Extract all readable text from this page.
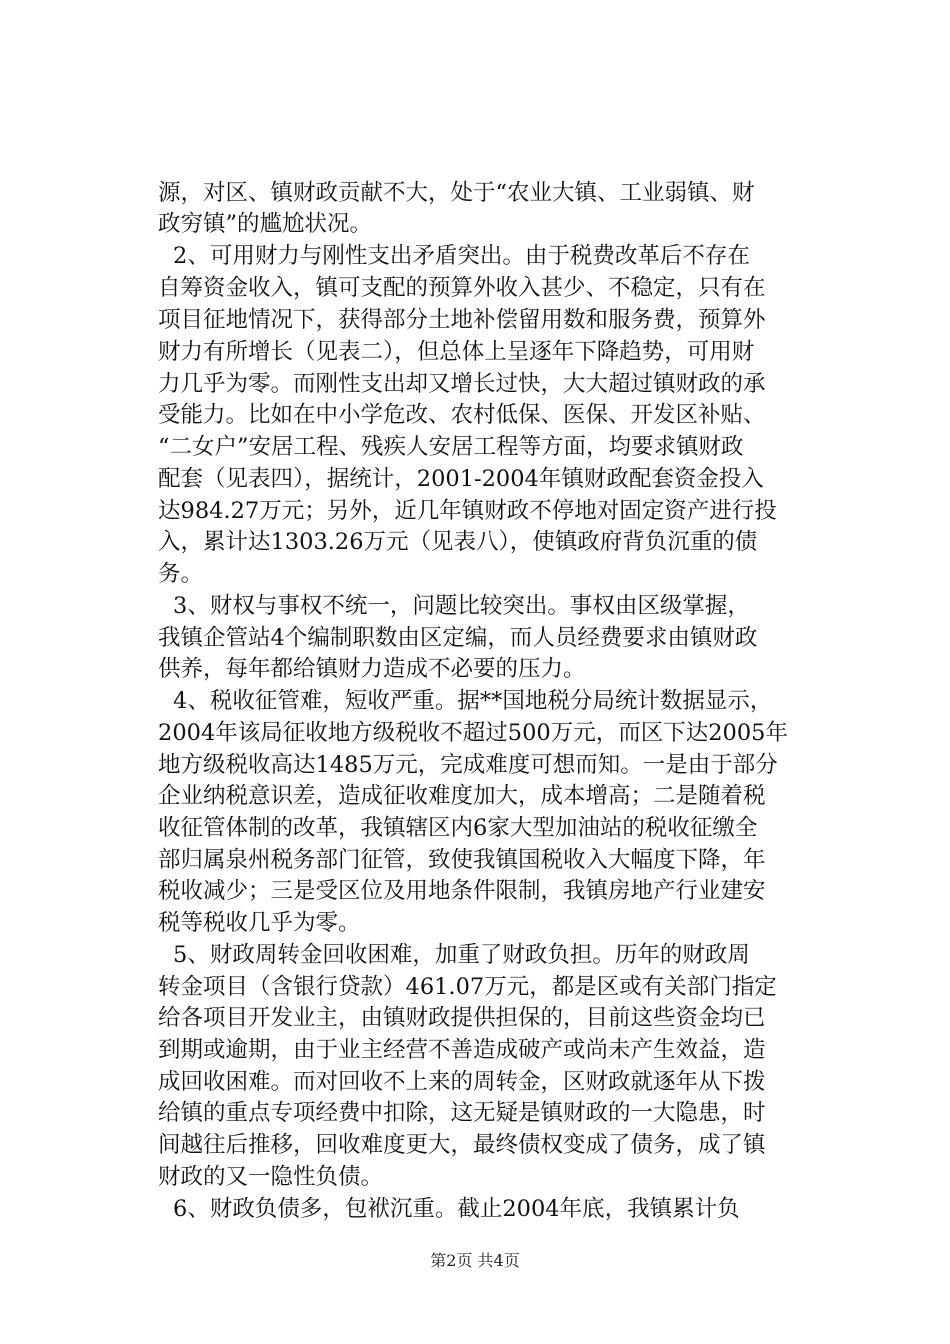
源，对区、镇财政贡献不大，处于“农业大镇、工业弱镇、财
政穷镇”的尴尬状况。
2、可用财力与刚性支出矛盾突出。由于税费改革后不存在
自筹资金收入，镇可支配的预算外收入甚少、不稳定，只有在
项目征地情况下，获得部分土地补偿留用数和服务费，预算外
财力有所增长（见表二），但总体上呈逐年下降趋势，可用财
力几乎为零。而刚性支出却又增长过快，大大超过镇财政的承
受能力。比如在中小学危改、农村低保、医保、开发区补贴、
“二女户”安居工程、残疾人安居工程等方面，均要求镇财政
配套（见表四），据统计，2001-2004年镇财政配套资金投入
达984.27万元；另外，近几年镇财政不停地对固定资产进行投
入，累计达1303.26万元（见表八），使镇政府背负沉重的债
务。
3、财权与事权不统一，问题比较突出。事权由区级掌握，
我镇企管站4个编制职数由区定编，而人员经费要求由镇财政
供养，每年都给镇财力造成不必要的压力。
4、税收征管难，短收严重。据**国地税分局统计数据显示，
2004年该局征收地方级税收不超过500万元，而区下达2005年
地方级税收高达1485万元，完成难度可想而知。一是由于部分
企业纳税意识差，造成征收难度加大，成本增高；二是随着税
收征管体制的改革，我镇辖区内6家大型加油站的税收征缴全
部归属泉州税务部门征管，致使我镇国税收入大幅度下降，年
税收减少；三是受区位及用地条件限制，我镇房地产行业建安
税等税收几乎为零。
5、财政周转金回收困难，加重了财政负担。历年的财政周
转金项目（含银行贷款）461.07万元，都是区或有关部门指定
给各项目开发业主，由镇财政提供担保的，目前这些资金均已
到期或逾期，由于业主经营不善造成破产或尚未产生效益，造
成回收困难。而对回收不上来的周转金，区财政就逐年从下拨
给镇的重点专项经费中扣除，这无疑是镇财政的一大隐患，时
间越往后推移，回收难度更大，最终债权变成了债务，成了镇
财政的又一隐性负债。
6、财政负债多，包袱沉重。截止2004年底，我镇累计负
第2页 共4页
